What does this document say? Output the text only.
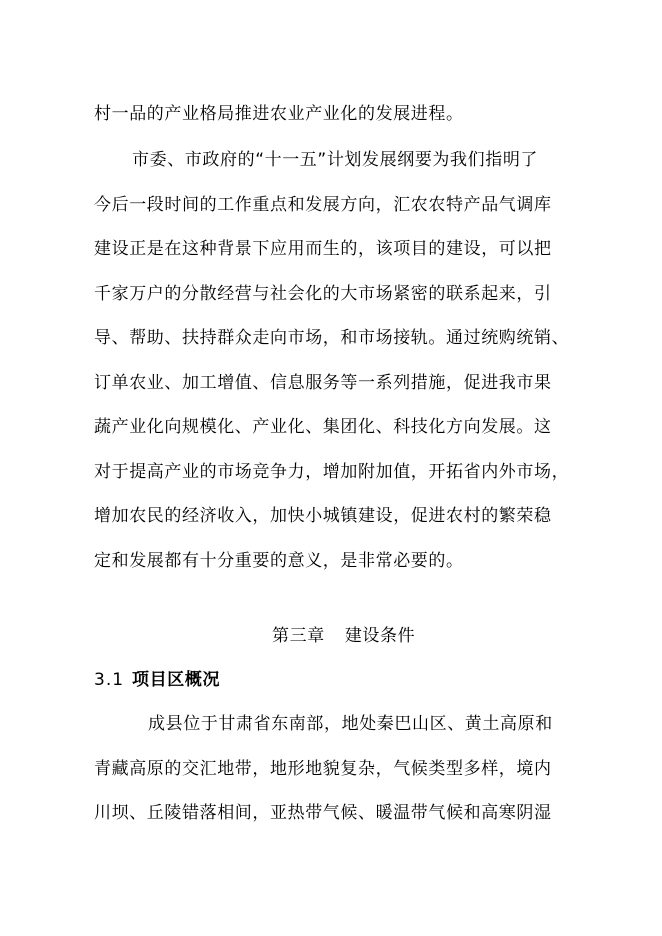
村一品的产业格局推进农业产业化的发展进程。
市委、市政府的“十一五”计划发展纲要为我们指明了
今后一段时间的工作重点和发展方向，汇农农特产品气调库
建设正是在这种背景下应用而生的，该项目的建设，可以把
千家万户的分散经营与社会化的大市场紧密的联系起来，引
导、帮助、扶持群众走向市场，和市场接轨。通过统购统销、
订单农业、加工增值、信息服务等一系列措施，促进我市果
蔬产业化向规模化、产业化、集团化、科技化方向发展。这
对于提高产业的市场竞争力，增加附加值，开拓省内外市场，
增加农民的经济收入，加快小城镇建设，促进农村的繁荣稳
定和发展都有十分重要的意义，是非常必要的。
第三章 建设条件
3.1 项目区概况
成县位于甘肃省东南部，地处秦巴山区、黄土高原和
青藏高原的交汇地带，地形地貌复杂，气候类型多样，境内
川坝、丘陵错落相间，亚热带气候、暖温带气候和高寒阴湿
